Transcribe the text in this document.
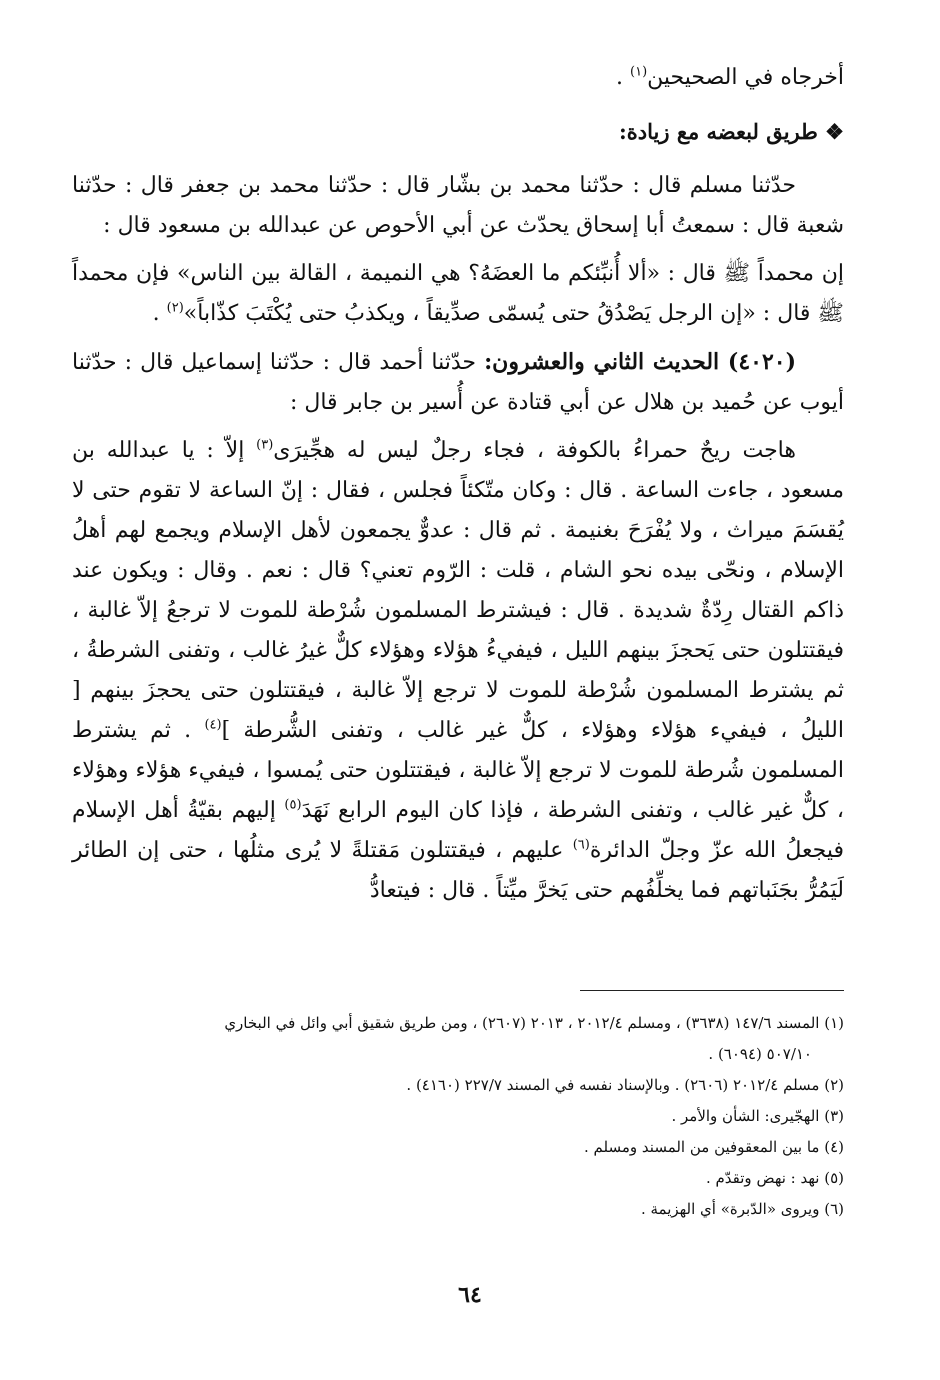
أخرجاه في الصحيحين$^{(١)}$ .

❖ طريق لبعضه مع زيادة:

حدّثنا مسلم قال : حدّثنا محمد بن بشّار قال : حدّثنا محمد بن جعفر قال : حدّثنا شعبة قال : سمعتُ أبا إسحاق يحدّث عن أبي الأحوص عن عبدالله بن مسعود قال :

إن محمداً ﷺ قال : «ألا أُنبِّئكم ما العضَهُ؟ هي النميمة ، القالة بين الناس» فإن محمداً ﷺ قال : «إن الرجل يَصْدُقُ حتى يُسمّى صدِّيقاً ، ويكذبُ حتى يُكْتَبَ كذّاباً»$^{(٢)}$ .

(٤٠٢٠) الحديث الثاني والعشرون: حدّثنا أحمد قال : حدّثنا إسماعيل قال : حدّثنا أيوب عن حُميد بن هلال عن أبي قتادة عن أُسير بن جابر قال :

هاجت ريحٌ حمراءُ بالكوفة ، فجاء رجلٌ ليس له هجِّيرَى$^{(٣)}$ إلاّ : يا عبدالله بن مسعود ، جاءت الساعة . قال : وكان متّكئاً فجلس ، فقال : إنّ الساعة لا تقوم حتى لا يُقسَمَ ميراث ، ولا يُفْرَحَ بغنيمة . ثم قال : عدوٌّ يجمعون لأهل الإسلام ويجمع لهم أهلُ الإسلام ، ونحّى بيده نحو الشام ، قلت : الرّوم تعني؟ قال : نعم . وقال : ويكون عند ذاكم القتال رِدّةٌ شديدة . قال : فيشترط المسلمون شُرْطة للموت لا ترجعُ إلاّ غالبة ، فيقتتلون حتى يَحجزَ بينهم الليل ، فيفيءُ هؤلاء وهؤلاء كلٌّ غيرُ غالب ، وتفنى الشرطةُ ، ثم يشترط المسلمون شُرْطة للموت لا ترجع إلاّ غالبة ، فيقتتلون حتى يحجزَ بينهم [ الليلُ ، فيفيء هؤلاء وهؤلاء ، كلٌّ غير غالب ، وتفنى الشُّرطة ]$^{(٤)}$ . ثم يشترط المسلمون شُرطة للموت لا ترجع إلاّ غالبة ، فيقتتلون حتى يُمسوا ، فيفيء هؤلاء وهؤلاء ، كلٌّ غير غالب ، وتفنى الشرطة ، فإذا كان اليوم الرابع نَهَدَ$^{(٥)}$ إليهم بقيّةُ أهل الإسلام فيجعلُ الله عزّ وجلّ الدائرة$^{(٦)}$ عليهم ، فيقتتلون مَقتلةً لا يُرى مثلُها ، حتى إن الطائر لَيَمُرُّ بجَنَباتهم فما يخلِّفُهم حتى يَخرَّ ميِّتاً . قال : فيتعادُّ

(١) المسند ١٤٧/٦ (٣٦٣٨) ، ومسلم ٢٠١٢/٤ ، ٢٠١٣ (٢٦٠٧) ، ومن طريق شقيق أبي وائل في البخاري

٥٠٧/١٠ (٦٠٩٤) .

(٢) مسلم ٢٠١٢/٤ (٢٦٠٦) . وبالإسناد نفسه في المسند ٢٢٧/٧ (٤١٦٠) .

(٣) الهجّيرى: الشأن والأمر .

(٤) ما بين المعقوفين من المسند ومسلم .

(٥) نهد : نهض وتقدّم .

(٦) ويروى «الدّبرة» أي الهزيمة .

٦٤
